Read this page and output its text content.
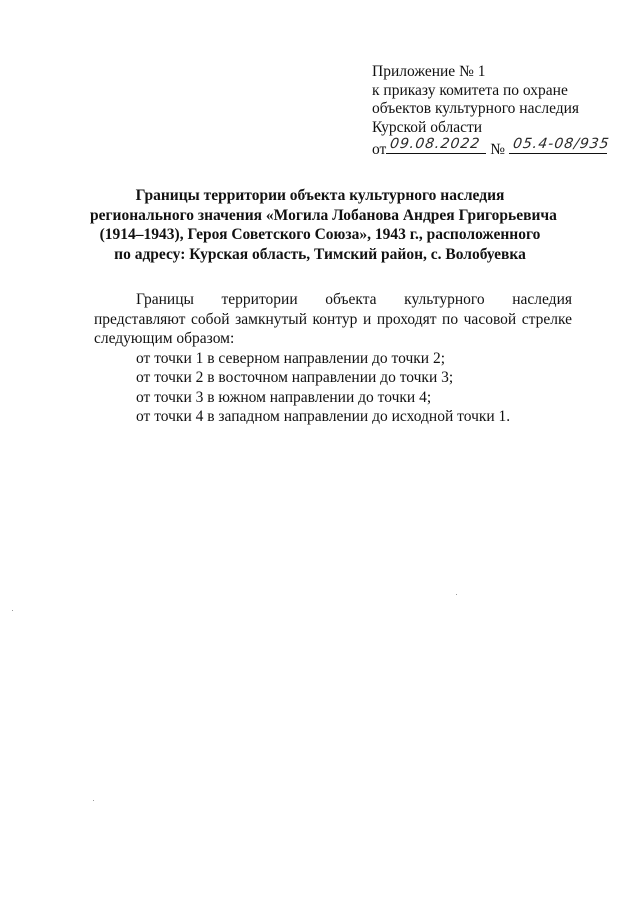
Приложение № 1
к приказу комитета по охране
объектов культурного наследия
Курской области
от 09.08.2022 № 05.4-08/935
Границы территории объекта культурного наследия
регионального значения «Могила Лобанова Андрея Григорьевича
(1914–1943), Героя Советского Союза», 1943 г., расположенного
по адресу: Курская область, Тимский район, с. Волобуевка

Границы территории объекта культурного наследия представляют собой замкнутый контур и проходят по часовой стрелке следующим образом:

от точки 1 в северном направлении до точки 2;
от точки 2 в восточном направлении до точки 3;
от точки 3 в южном направлении до точки 4;
от точки 4 в западном направлении до исходной точки 1.
